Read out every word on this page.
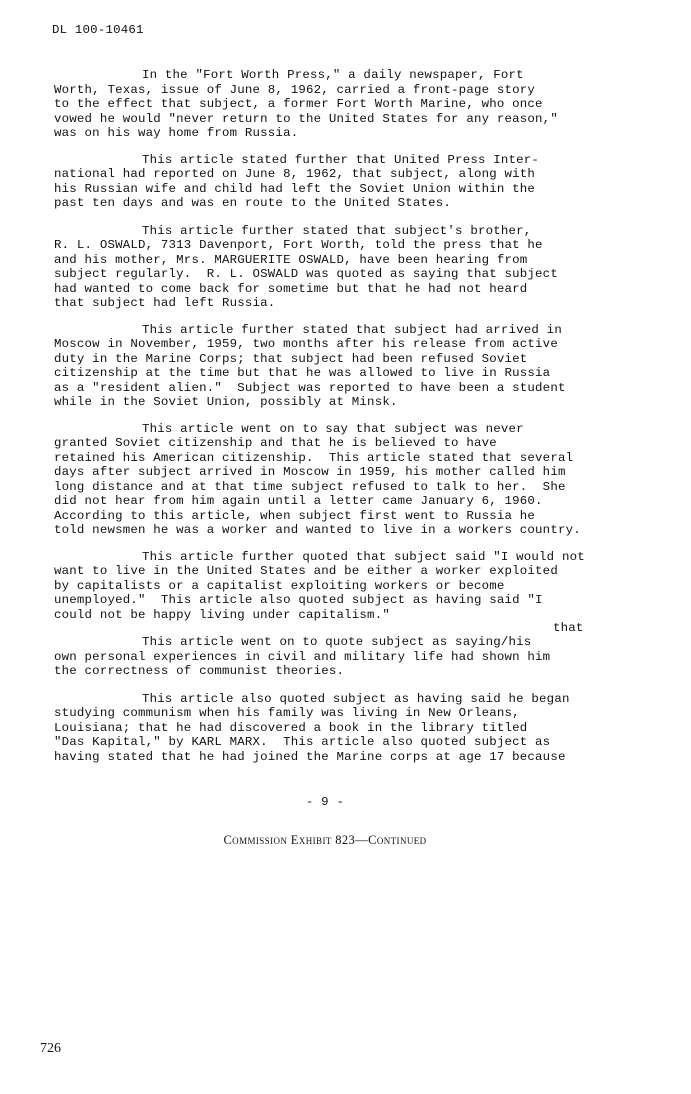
DL 100-10461
In the "Fort Worth Press," a daily newspaper, Fort
Worth, Texas, issue of June 8, 1962, carried a front-page story
to the effect that subject, a former Fort Worth Marine, who once
vowed he would "never return to the United States for any reason,"
was on his way home from Russia.
This article stated further that United Press Inter-
national had reported on June 8, 1962, that subject, along with
his Russian wife and child had left the Soviet Union within the
past ten days and was en route to the United States.
This article further stated that subject's brother,
R. L. OSWALD, 7313 Davenport, Fort Worth, told the press that he
and his mother, Mrs. MARGUERITE OSWALD, have been hearing from
subject regularly.  R. L. OSWALD was quoted as saying that subject
had wanted to come back for sometime but that he had not heard
that subject had left Russia.
This article further stated that subject had arrived in
Moscow in November, 1959, two months after his release from active
duty in the Marine Corps; that subject had been refused Soviet
citizenship at the time but that he was allowed to live in Russia
as a "resident alien."  Subject was reported to have been a student
while in the Soviet Union, possibly at Minsk.
This article went on to say that subject was never
granted Soviet citizenship and that he is believed to have
retained his American citizenship.  This article stated that several
days after subject arrived in Moscow in 1959, his mother called him
long distance and at that time subject refused to talk to her.  She
did not hear from him again until a letter came January 6, 1960.
According to this article, when subject first went to Russia he
told newsmen he was a worker and wanted to live in a workers country.
This article further quoted that subject said "I would not
want to live in the United States and be either a worker exploited
by capitalists or a capitalist exploiting workers or become
unemployed."  This article also quoted subject as having said "I
could not be happy living under capitalism."
that
This article went on to quote subject as saying/his
own personal experiences in civil and military life had shown him
the correctness of communist theories.
This article also quoted subject as having said he began
studying communism when his family was living in New Orleans,
Louisiana; that he had discovered a book in the library titled
"Das Kapital," by KARL MARX.  This article also quoted subject as
having stated that he had joined the Marine corps at age 17 because
- 9 -
Commission Exhibit 823—Continued
726
